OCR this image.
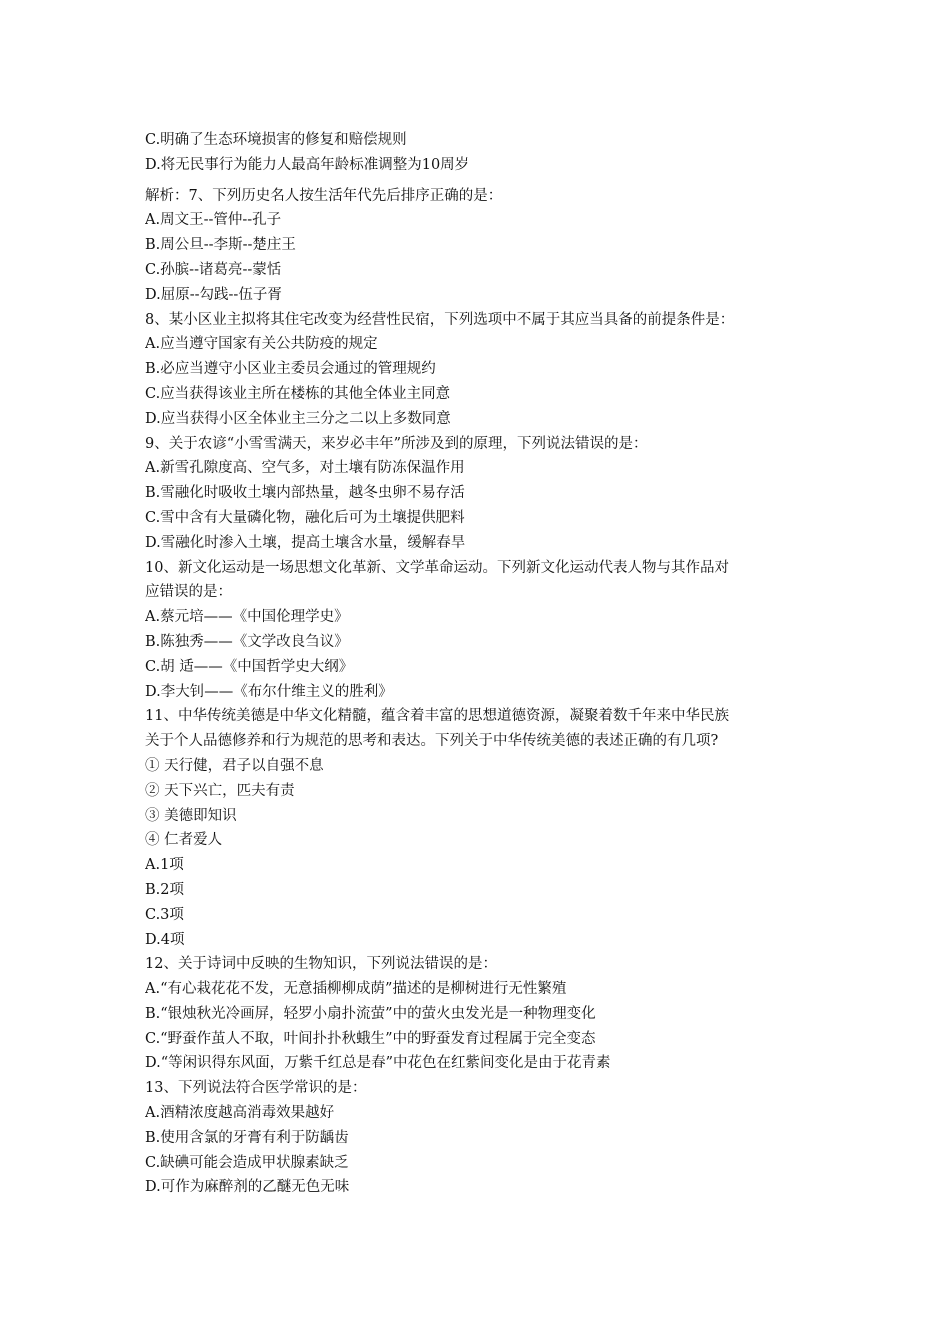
C.明确了生态环境损害的修复和赔偿规则
D.将无民事行为能力人最高年龄标准调整为10周岁
解析：7、下列历史名人按生活年代先后排序正确的是：
A.周文王--管仲--孔子
B.周公旦--李斯--楚庄王
C.孙膑--诸葛亮--蒙恬
D.屈原--勾践--伍子胥
8、某小区业主拟将其住宅改变为经营性民宿，下列选项中不属于其应当具备的前提条件是：
A.应当遵守国家有关公共防疫的规定
B.必应当遵守小区业主委员会通过的管理规约
C.应当获得该业主所在楼栋的其他全体业主同意
D.应当获得小区全体业主三分之二以上多数同意
9、关于农谚“小雪雪满天，来岁必丰年”所涉及到的原理，下列说法错误的是：
A.新雪孔隙度高、空气多，对土壤有防冻保温作用
B.雪融化时吸收土壤内部热量，越冬虫卵不易存活
C.雪中含有大量磷化物，融化后可为土壤提供肥料
D.雪融化时渗入土壤，提高土壤含水量，缓解春旱
10、新文化运动是一场思想文化革新、文学革命运动。下列新文化运动代表人物与其作品对
应错误的是：
A.蔡元培——《中国伦理学史》
B.陈独秀——《文学改良刍议》
C.胡 适——《中国哲学史大纲》
D.李大钊——《布尔什维主义的胜利》
11、中华传统美德是中华文化精髓，蕴含着丰富的思想道德资源，凝聚着数千年来中华民族
关于个人品德修养和行为规范的思考和表达。下列关于中华传统美德的表述正确的有几项?
① 天行健，君子以自强不息
② 天下兴亡，匹夫有责
③ 美德即知识
④ 仁者爱人
A.1项
B.2项
C.3项
D.4项
12、关于诗词中反映的生物知识，下列说法错误的是：
A.“有心栽花花不发，无意插柳柳成荫”描述的是柳树进行无性繁殖
B.“银烛秋光冷画屏，轻罗小扇扑流萤”中的萤火虫发光是一种物理变化
C.“野蚕作茧人不取，叶间扑扑秋蛾生”中的野蚕发育过程属于完全变态
D.“等闲识得东风面，万紫千红总是春”中花色在红紫间变化是由于花青素
13、下列说法符合医学常识的是：
A.酒精浓度越高消毒效果越好
B.使用含氯的牙膏有利于防龋齿
C.缺碘可能会造成甲状腺素缺乏
D.可作为麻醉剂的乙醚无色无味
